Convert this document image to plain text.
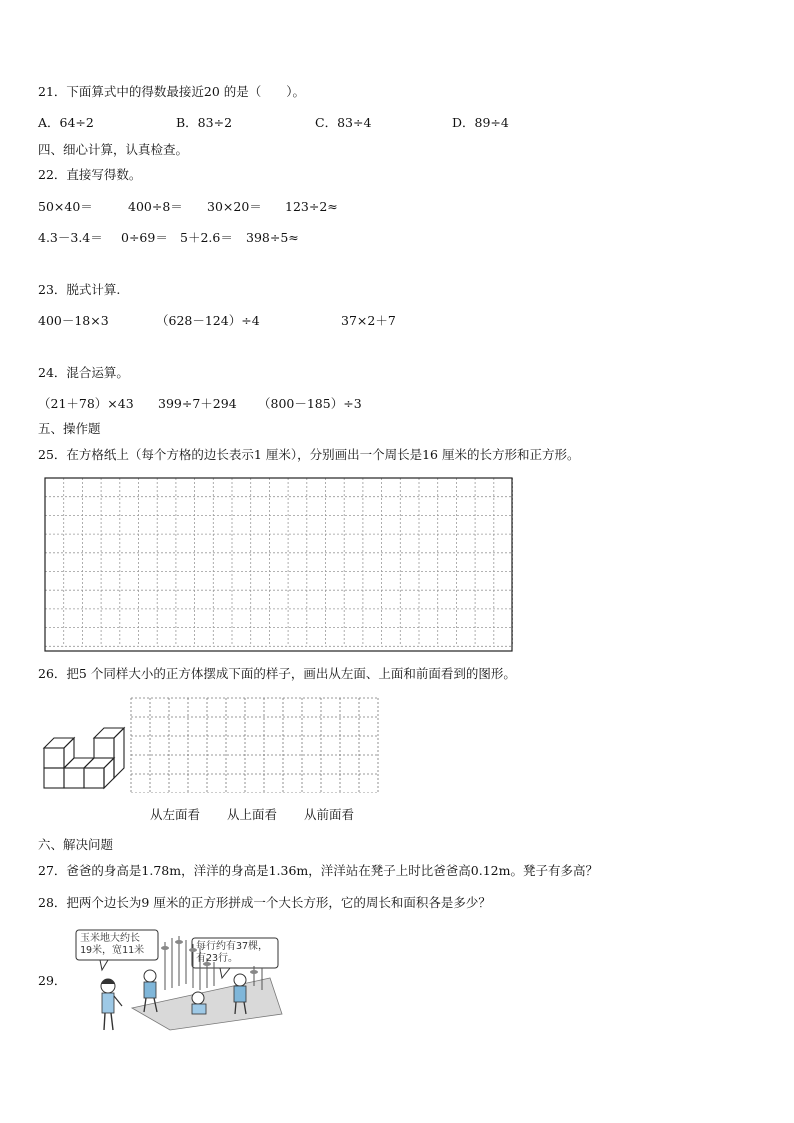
21．下面算式中的得数最接近20 的是（　　）。
A．64÷2	B．83÷2	C．83÷4	D．89÷4
四、细心计算，认真检查。
22．直接写得数。
50×40＝	400÷8＝ 30×20＝ 123÷2≈
4.3－3.4＝ 0÷69＝ 5＋2.6＝ 398÷5≈
23．脱式计算.
400－18×3	（628－124）÷4	37×2＋7
24．混合运算。
（21＋78）×43 399÷7＋294 （800－185）÷3
五、操作题
25．在方格纸上（每个方格的边长表示1 厘米），分别画出一个周长是16 厘米的长方形和正方形。
26．把5 个同样大小的正方体摆成下面的样子，画出从左面、上面和前面看到的图形。
从左面看 从上面看 从前面看
六、解决问题
27．爸爸的身高是1.78m，洋洋的身高是1.36m，洋洋站在凳子上时比爸爸高0.12m。凳子有多高？
28．把两个边长为9 厘米的正方形拼成一个大长方形，它的周长和面积各是多少？
29．
玉米地大约长
19米，宽11米	每行约有37棵，
有23行。
